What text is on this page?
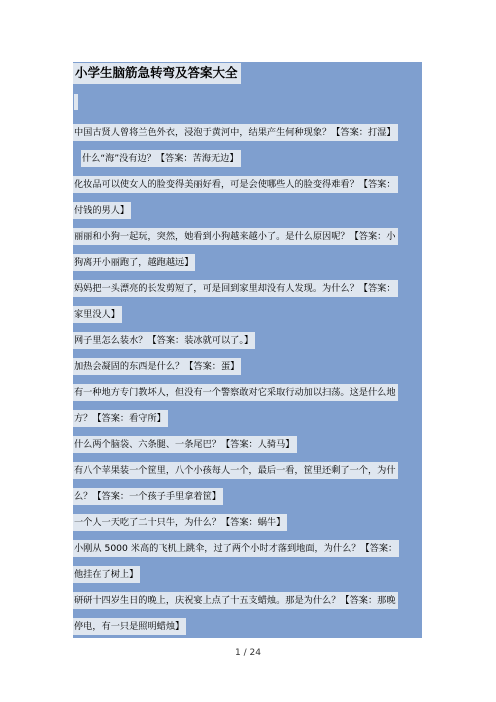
小学生脑筋急转弯及答案大全
中国古贤人曾将兰色外衣，浸泡于黄河中，结果产生何种现象？【答案：打湿】
什么“海”没有边？【答案：苦海无边】
化妆品可以使女人的脸变得美丽好看，可是会使哪些人的脸变得难看？【答案：
付钱的男人】
丽丽和小狗一起玩，突然，她看到小狗越来越小了。是什么原因呢？【答案：小
狗离开小丽跑了，越跑越远】
妈妈把一头漂亮的长发剪短了，可是回到家里却没有人发现。为什么？【答案：
家里没人】
网子里怎么装水？【答案：装冰就可以了。】
加热会凝固的东西是什么？【答案：蛋】
有一种地方专门教坏人，但没有一个警察敢对它采取行动加以扫荡。这是什么地
方？【答案：看守所】
什么两个脑袋、六条腿、一条尾巴？【答案：人骑马】
有八个苹果装一个筐里，八个小孩每人一个，最后一看，筐里还剩了一个，为什
么？【答案：一个孩子手里拿着筐】
一个人一天吃了二十只牛，为什么？【答案：蜗牛】
小刚从 5000 米高的飞机上跳伞，过了两个小时才落到地面，为什么？【答案：
他挂在了树上】
研研十四岁生日的晚上，庆祝宴上点了十五支蜡烛。那是为什么？【答案：那晚
停电，有一只是照明蜡烛】
1 / 24
